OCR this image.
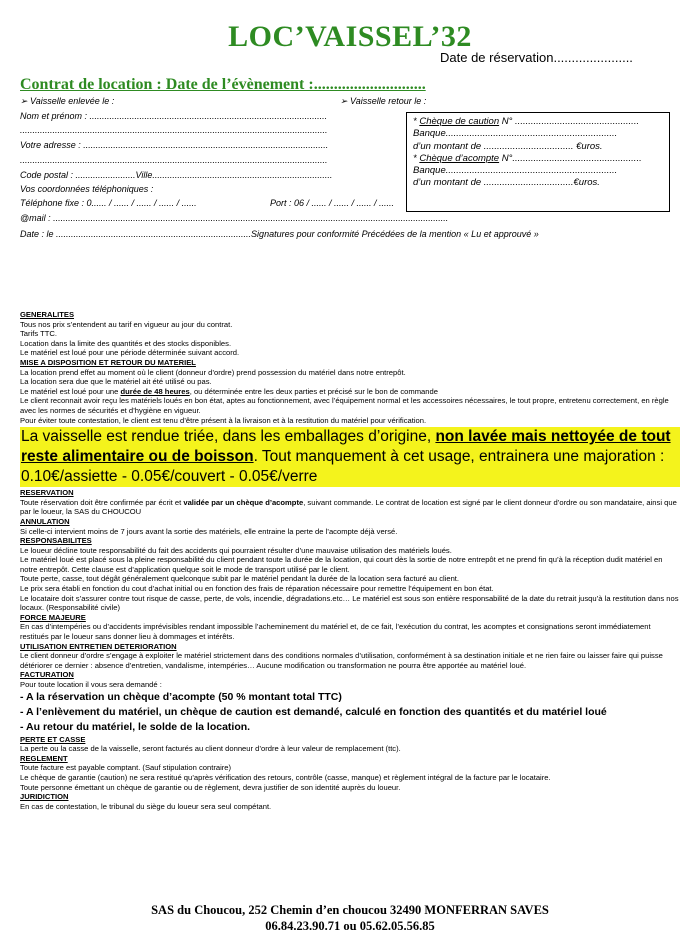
LOC’VAISSEL’32
Date de réservation......................
Contrat de location : Date de l’évènement :............................
➢ Vaisselle enlevée le :	➢ Vaisselle retour le :
Nom et prénom : ...............................................................................................
...........................................................................................................................
Votre adresse : ..................................................................................................
...........................................................................................................................
Code postal : ........................Ville........................................................................
Vos coordonnées téléphoniques :
Téléphone fixe : 0...... / ...... / ...... / ...... / ......	Port : 06 / ...... / ...... / ...... / ......
@mail : ..............................................................................................................................................................
Date : le ..............................................................................Signatures pour conformité Précédées de la mention « Lu et approuvé »
* Chèque de caution N° ...............................................
Banque.................................................................
d’un montant de .................................. €uros.
* Chèque d’acompte N°.................................................
Banque.................................................................
d’un montant de ..................................€uros.

GENERALITES

Tous nos prix s’entendent au tarif en vigueur au jour du contrat.

Tarifs TTC.

Location dans la limite des quantités et des stocks disponibles.

Le matériel est loué pour une période déterminée suivant accord.

MISE A DISPOSITION ET RETOUR DU MATERIEL

La location prend effet au moment où le client (donneur d’ordre) prend possession du matériel dans notre entrepôt.

La location sera due que le matériel ait été utilisé ou pas.

Le matériel est loué pour une durée de 48 heures, ou déterminée entre les deux parties et précisé sur le bon de commande

Le client reconnait avoir reçu les matériels loués en bon état, aptes au fonctionnement, avec l’équipement normal et les accessoires nécessaires, le tout propre, entretenu correctement, en règle avec les normes de sécurités et d’hygiène en vigueur.

Pour éviter toute contestation, le client est tenu d’être présent à la livraison et à la restitution du matériel pour vérification.

La vaisselle est rendue triée, dans les emballages d’origine, non lavée mais nettoyée de tout reste alimentaire ou de boisson. Tout manquement à cet usage, entrainera une majoration : 0.10€/assiette - 0.05€/couvert - 0.05€/verre

RESERVATION

Toute réservation doit être confirmée par écrit et validée par un chèque d’acompte, suivant commande. Le contrat de location est signé par le client donneur d’ordre ou son mandataire, ainsi que par le loueur, la SAS du CHOUCOU

ANNULATION

Si celle-ci intervient moins de 7 jours avant la sortie des matériels, elle entraine la perte de l’acompte déjà versé.

RESPONSABILITES

Le loueur décline toute responsabilité du fait des accidents qui pourraient résulter d’une mauvaise utilisation des matériels loués.

Le matériel loué est placé sous la pleine responsabilité du client pendant toute la durée de la location, qui court dès la sortie de notre entrepôt et ne prend fin qu’à la réception dudit matériel en notre entrepôt. Cette clause est d’application quelque soit le mode de transport utilisé par le client.

Toute perte, casse, tout dégât généralement quelconque subit par le matériel pendant la durée de la location sera facturé au client.

Le prix sera établi en fonction du cout d’achat initial ou en fonction des frais de réparation nécessaire pour remettre l’équipement en bon état.

Le locataire doit s’assurer contre tout risque de casse, perte, de vols, incendie, dégradations.etc… Le matériel est sous son entière responsabilité de la date du retrait jusqu’à la restitution dans nos locaux. (Responsabilité civile)

FORCE MAJEURE

En cas d’intempéries ou d’accidents imprévisibles rendant impossible l’acheminement du matériel et, de ce fait, l’exécution du contrat, les acomptes et consignations seront immédiatement restitués par le loueur sans donner lieu à dommages et intérêts.

UTILISATION ENTRETIEN DETERIORATION

Le client donneur d’ordre s’engage à exploiter le matériel strictement dans des conditions normales d’utilisation, conformément à sa destination initiale et ne rien faire ou laisser faire qui puisse détériorer ce dernier : absence d’entretien, vandalisme, intempéries… Aucune modification ou transformation ne pourra être apportée au matériel loué.

FACTURATION

Pour toute location il vous sera demandé :

- A la réservation un chèque d’acompte (50 % montant total TTC)

- A l’enlèvement du matériel, un chèque de caution est demandé, calculé en fonction des quantités et du matériel loué

- Au retour du matériel, le solde de la location.

PERTE ET CASSE

La perte ou la casse de la vaisselle, seront facturés au client donneur d’ordre à leur valeur de remplacement (ttc).

REGLEMENT

Toute facture est payable comptant. (Sauf stipulation contraire)

Le chèque de garantie (caution) ne sera restitué qu’après vérification des retours, contrôle (casse, manque) et règlement intégral de la facture par le locataire.

Toute personne émettant un chèque de garantie ou de règlement, devra justifier de son identité auprès du loueur.

JURIDICTION

En cas de contestation, le tribunal du siège du loueur sera seul compétant.

SAS du Choucou, 252 Chemin d’en choucou 32490 MONFERRAN SAVES
06.84.23.90.71 ou 05.62.05.56.85
